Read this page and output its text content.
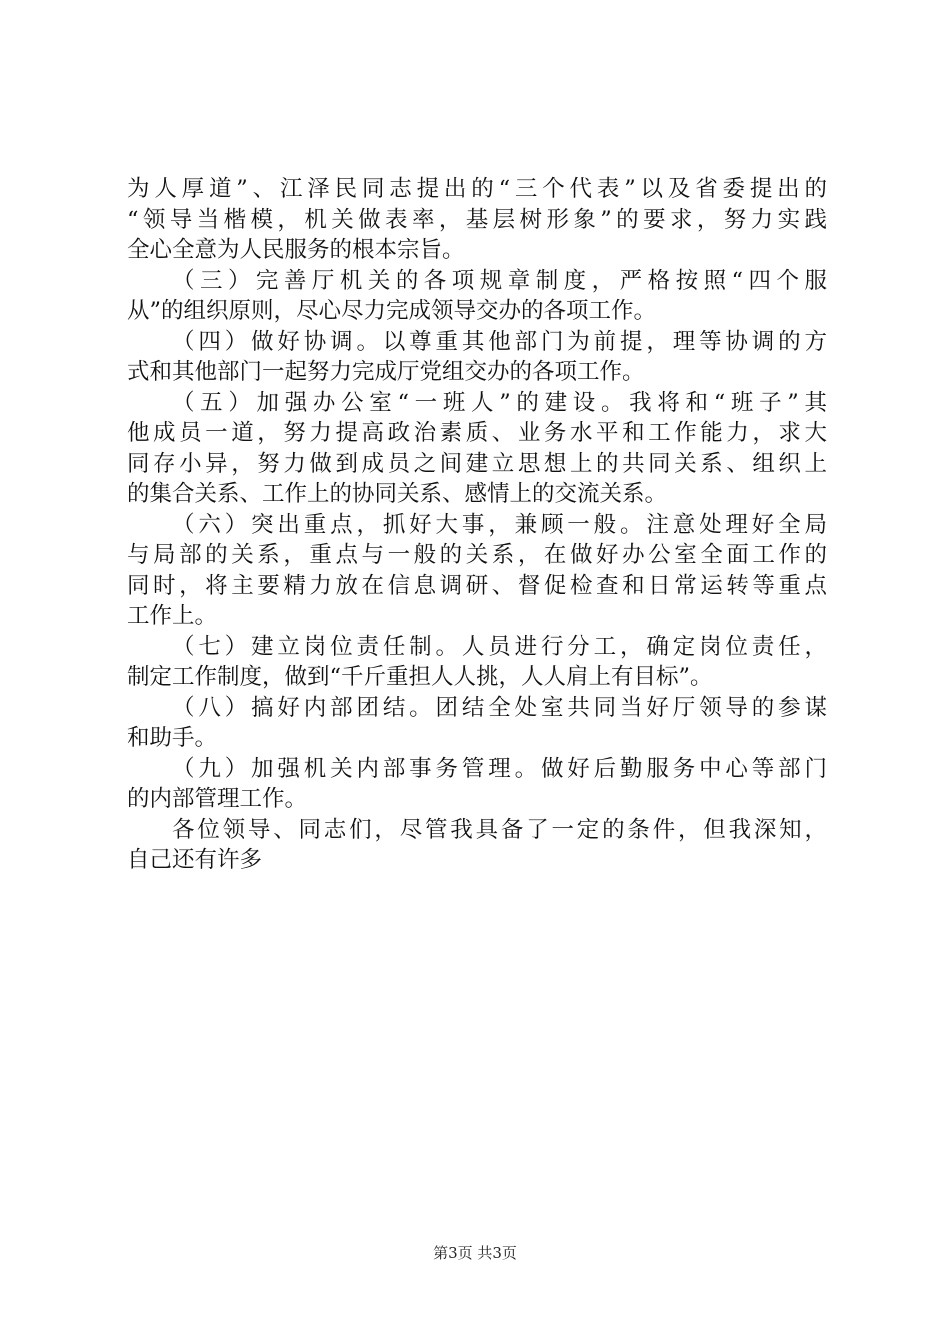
为人厚道”、江泽民同志提出的“三个代表”以及省委提出的
“领导当楷模，机关做表率，基层树形象”的要求，努力实践
全心全意为人民服务的根本宗旨。
（三）完善厅机关的各项规章制度，严格按照“四个服
从”的组织原则，尽心尽力完成领导交办的各项工作。
（四）做好协调。以尊重其他部门为前提，理等协调的方
式和其他部门一起努力完成厅党组交办的各项工作。
（五）加强办公室“一班人”的建设。我将和“班子”其
他成员一道，努力提高政治素质、业务水平和工作能力，求大
同存小异，努力做到成员之间建立思想上的共同关系、组织上
的集合关系、工作上的协同关系、感情上的交流关系。
（六）突出重点，抓好大事，兼顾一般。注意处理好全局
与局部的关系，重点与一般的关系，在做好办公室全面工作的
同时，将主要精力放在信息调研、督促检查和日常运转等重点
工作上。
（七）建立岗位责任制。人员进行分工，确定岗位责任，
制定工作制度，做到“千斤重担人人挑，人人肩上有目标”。
（八）搞好内部团结。团结全处室共同当好厅领导的参谋
和助手。
（九）加强机关内部事务管理。做好后勤服务中心等部门
的内部管理工作。
各位领导、同志们，尽管我具备了一定的条件，但我深知，
自己还有许多
第3页 共3页
